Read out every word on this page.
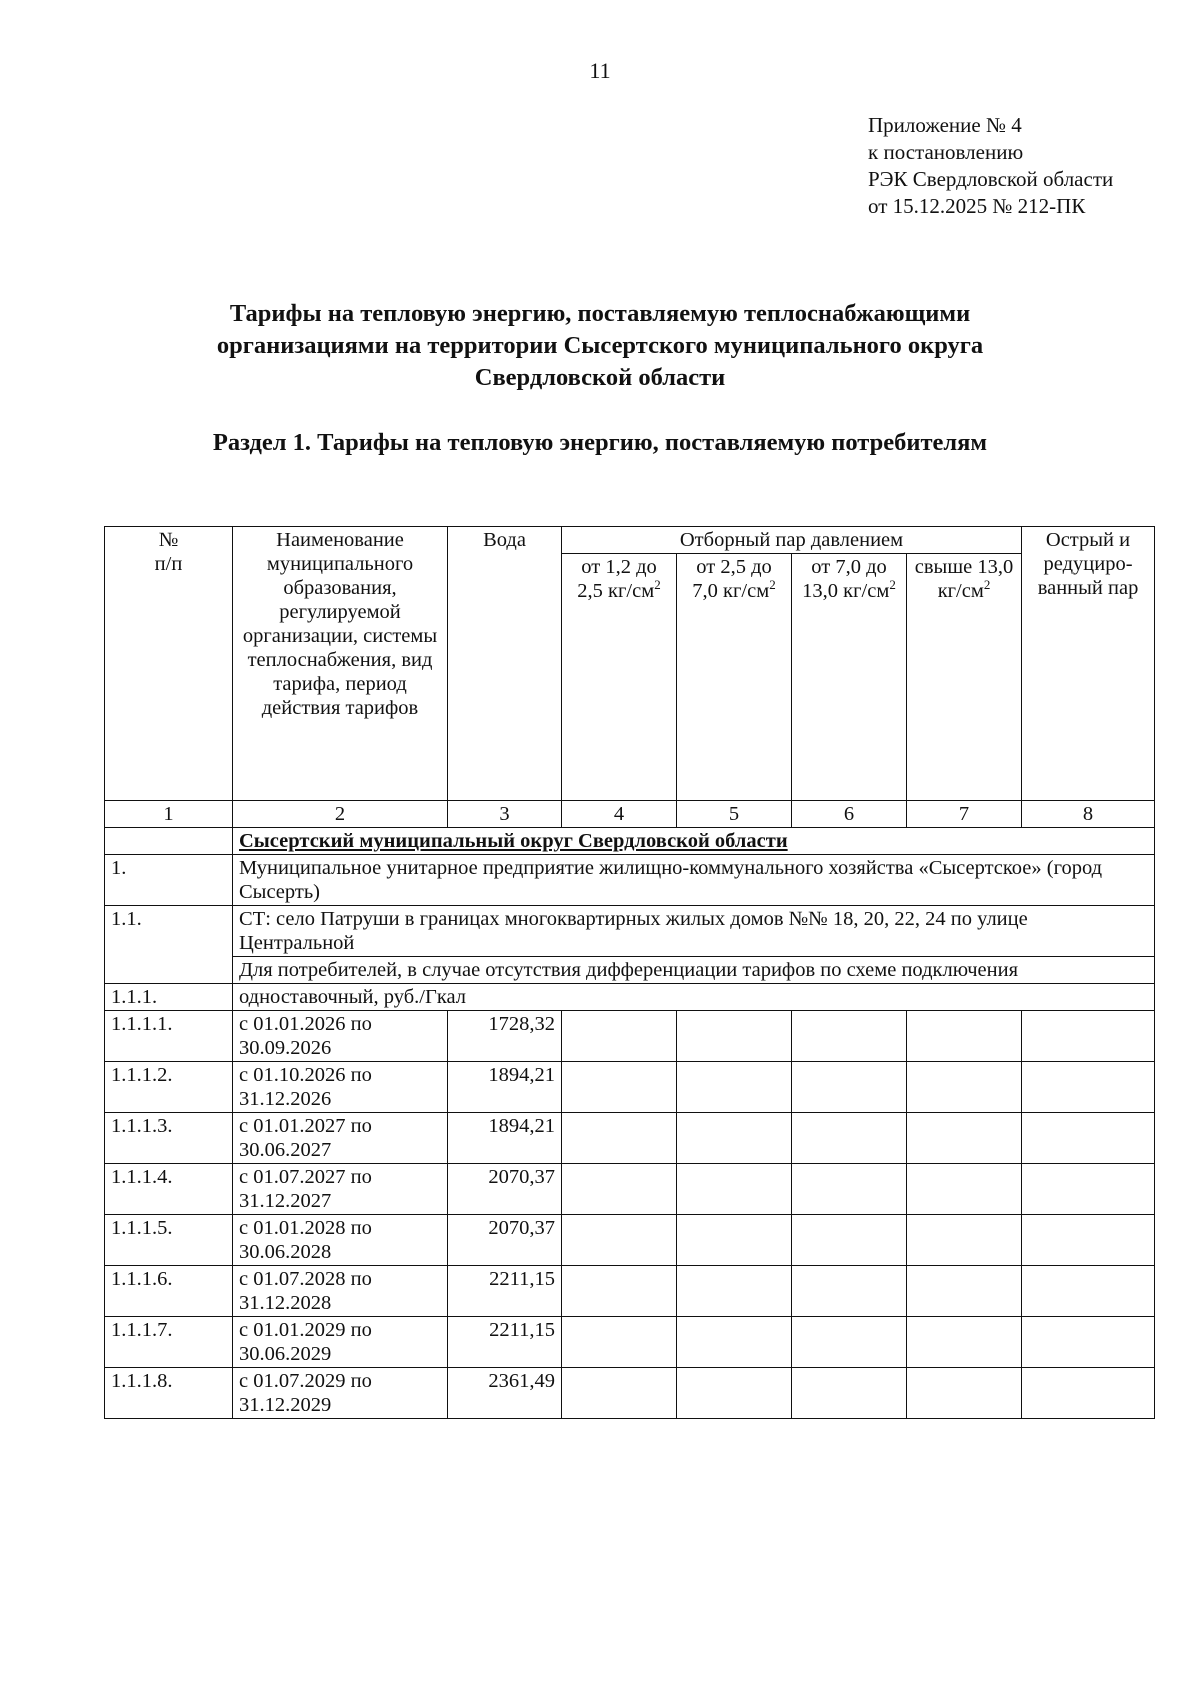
11
Приложение № 4
к постановлению
РЭК Свердловской области
от 15.12.2025 № 212-ПК
Тарифы на тепловую энергию, поставляемую теплоснабжающими
организациями на территории Сысертского муниципального округа
Свердловской области
Раздел 1. Тарифы на тепловую энергию, поставляемую потребителям
№
п/п	Наименование муниципального образования, регулируемой организации, системы теплоснабжения, вид тарифа, период действия тарифов	Вода	Отборный пар давлением				Острый и редуциро-ванный пар
			от 1,2 до 2,5 $кг/см^2$	от 2,5 до 7,0 $кг/см^2$	от 7,0 до 13,0 $кг/см^2$	свыше 13,0 $кг/см^2$
1	2	3	4	5	6	7	8
	Сысертский муниципальный округ Свердловской области						
1.	Муниципальное унитарное предприятие жилищно-коммунального хозяйства «Сысертское» (город Сысерть)						
1.1.	СТ: село Патруши в границах многоквартирных жилых домов №№ 18, 20, 22, 24 по улице Центральной						
	Для потребителей, в случае отсутствия дифференциации тарифов по схеме подключения						
1.1.1.	одноставочный, руб./Гкал						
1.1.1.1.	с 01.01.2026 по 30.09.2026	1728,32					
1.1.1.2.	с 01.10.2026 по 31.12.2026	1894,21					
1.1.1.3.	с 01.01.2027 по 30.06.2027	1894,21					
1.1.1.4.	с 01.07.2027 по 31.12.2027	2070,37					
1.1.1.5.	с 01.01.2028 по 30.06.2028	2070,37					
1.1.1.6.	с 01.07.2028 по 31.12.2028	2211,15					
1.1.1.7.	с 01.01.2029 по 30.06.2029	2211,15					
1.1.1.8.	с 01.07.2029 по 31.12.2029	2361,49					
